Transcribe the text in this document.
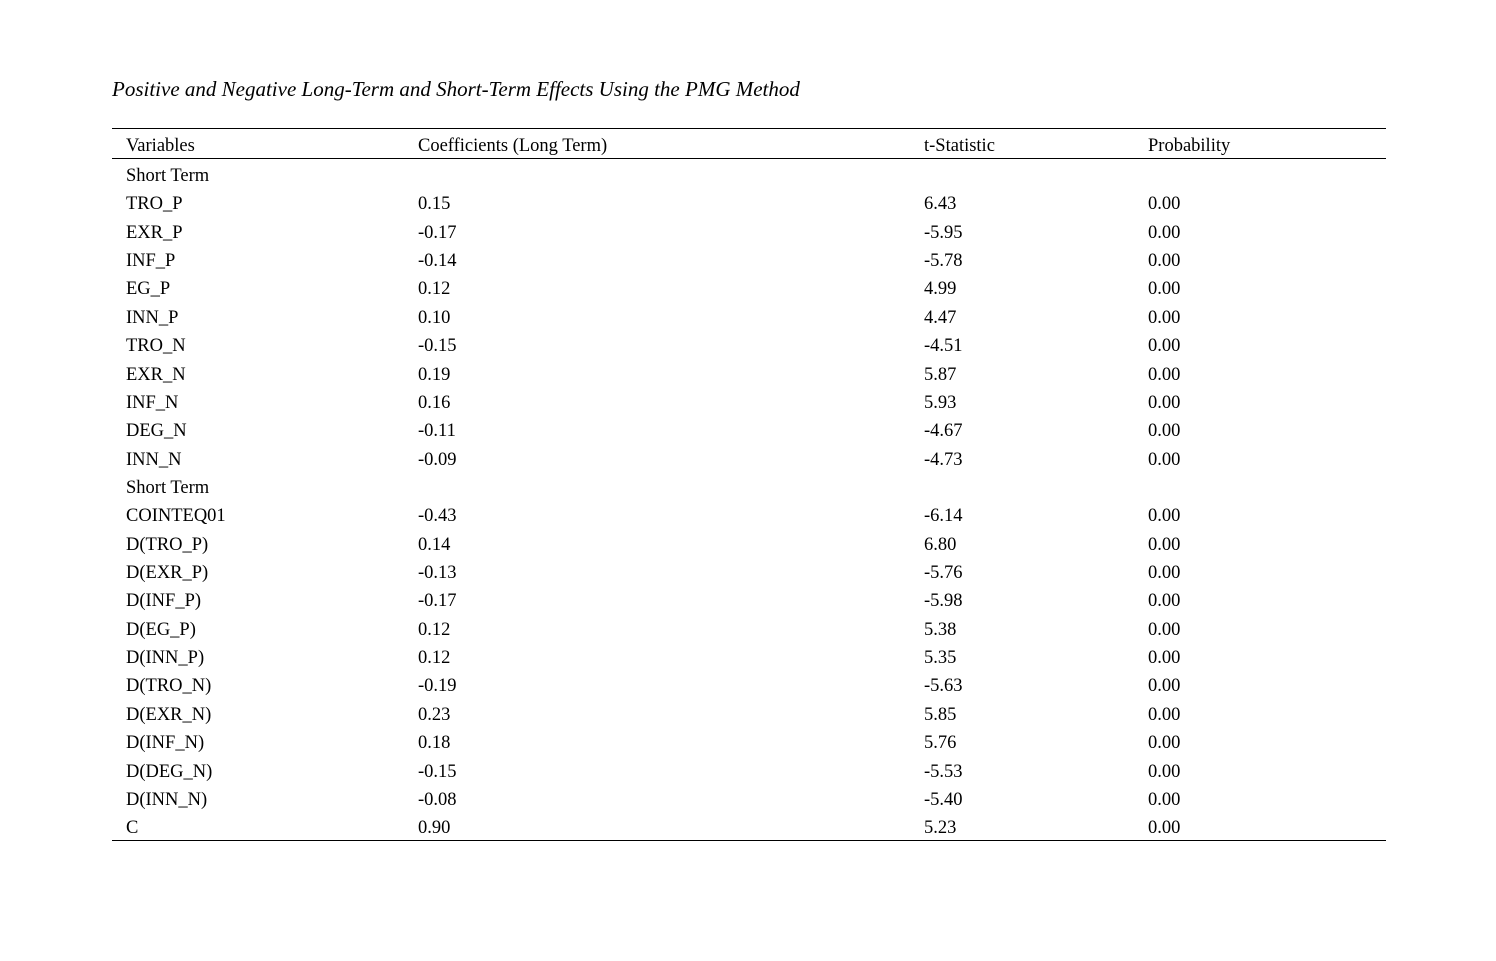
Positive and Negative Long-Term and Short-Term Effects Using the PMG Method
Variables	Coefficients (Long Term)	t-Statistic	Probability
Short Term
TRO_P	0.15	6.43	0.00
EXR_P	-0.17	-5.95	0.00
INF_P	-0.14	-5.78	0.00
EG_P	0.12	4.99	0.00
INN_P	0.10	4.47	0.00
TRO_N	-0.15	-4.51	0.00
EXR_N	0.19	5.87	0.00
INF_N	0.16	5.93	0.00
DEG_N	-0.11	-4.67	0.00
INN_N	-0.09	-4.73	0.00
Short Term
COINTEQ01	-0.43	-6.14	0.00
D(TRO_P)	0.14	6.80	0.00
D(EXR_P)	-0.13	-5.76	0.00
D(INF_P)	-0.17	-5.98	0.00
D(EG_P)	0.12	5.38	0.00
D(INN_P)	0.12	5.35	0.00
D(TRO_N)	-0.19	-5.63	0.00
D(EXR_N)	0.23	5.85	0.00
D(INF_N)	0.18	5.76	0.00
D(DEG_N)	-0.15	-5.53	0.00
D(INN_N)	-0.08	-5.40	0.00
C	0.90	5.23	0.00
